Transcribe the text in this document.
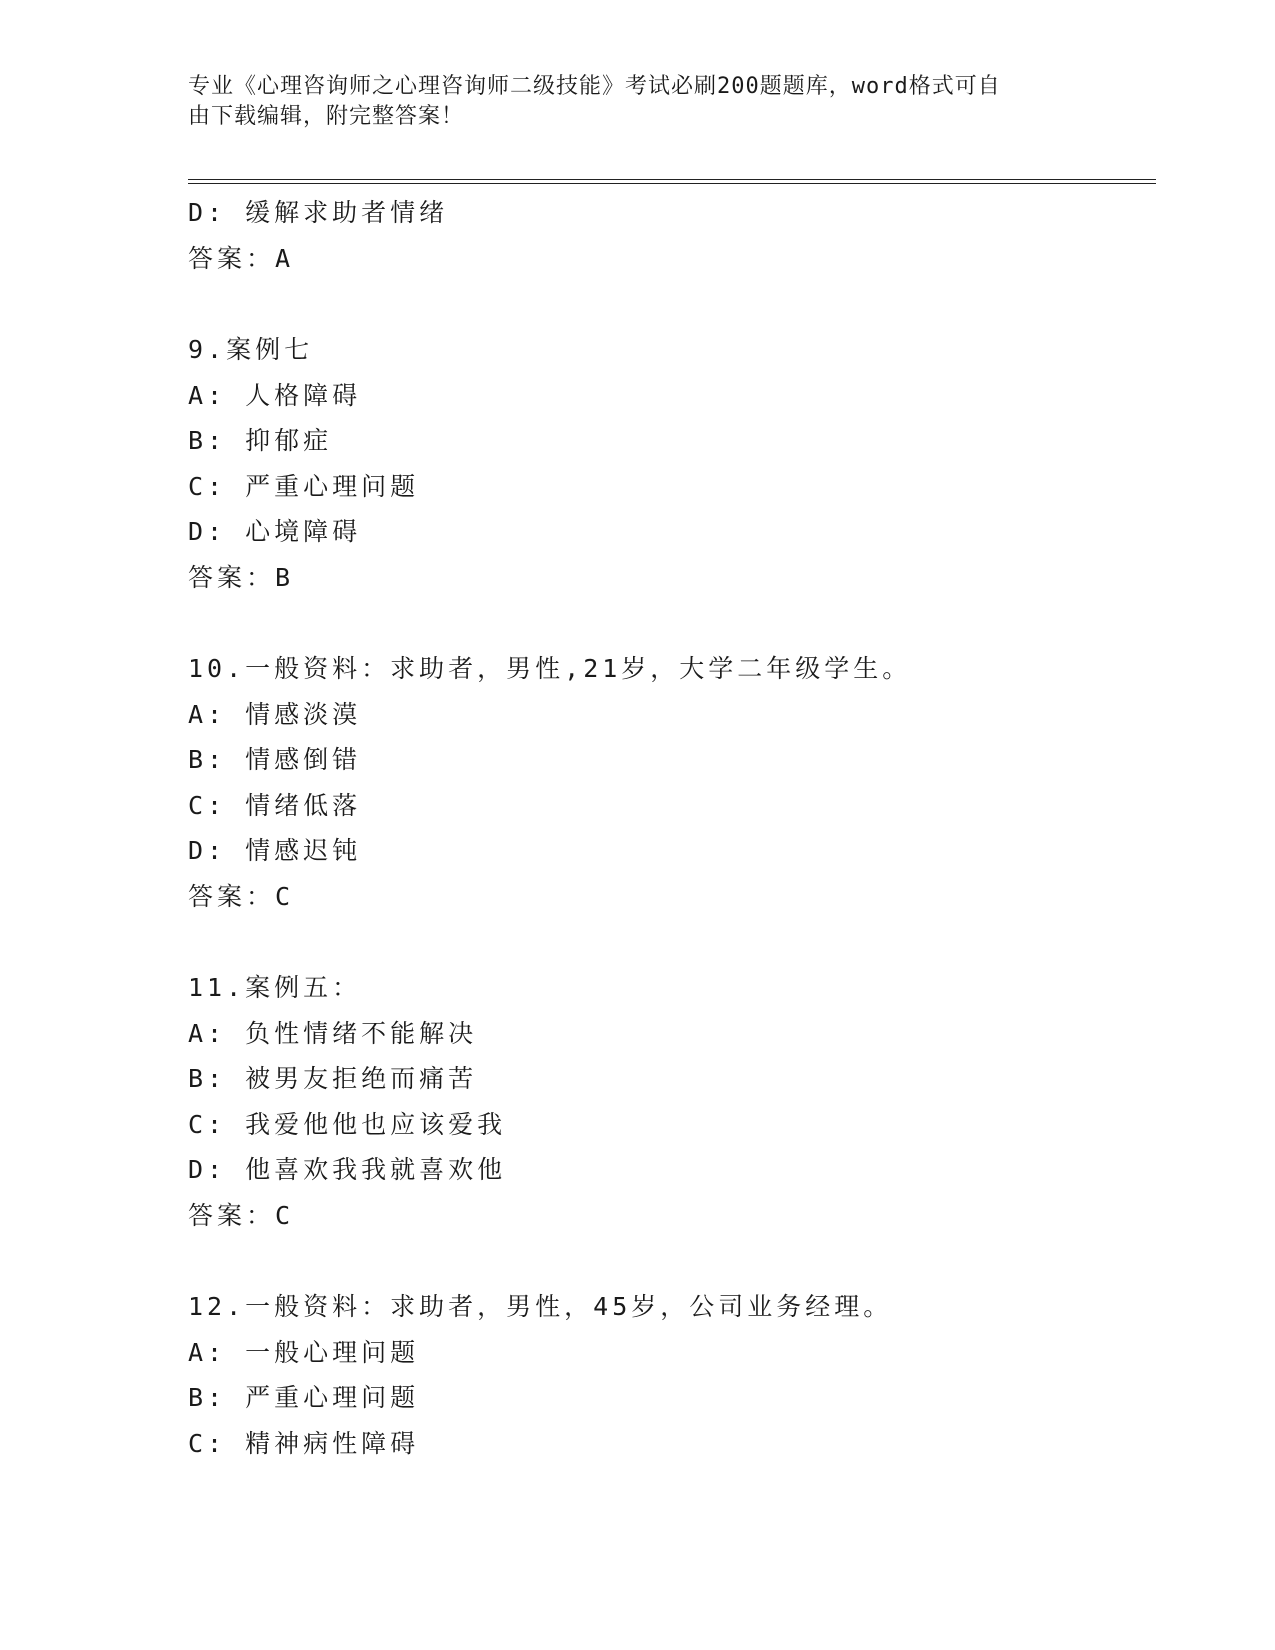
专业《心理咨询师之心理咨询师二级技能》考试必刷200题题库，word格式可自
由下载编辑，附完整答案！
D: 缓解求助者情绪
答案：A
9.案例七
A: 人格障碍
B: 抑郁症
C: 严重心理问题
D: 心境障碍
答案：B
10.一般资料：求助者，男性,21岁，大学二年级学生。
A: 情感淡漠
B: 情感倒错
C: 情绪低落
D: 情感迟钝
答案：C
11.案例五：
A: 负性情绪不能解决
B: 被男友拒绝而痛苦
C: 我爱他他也应该爱我
D: 他喜欢我我就喜欢他
答案：C
12.一般资料：求助者，男性，45岁，公司业务经理。
A: 一般心理问题
B: 严重心理问题
C: 精神病性障碍
